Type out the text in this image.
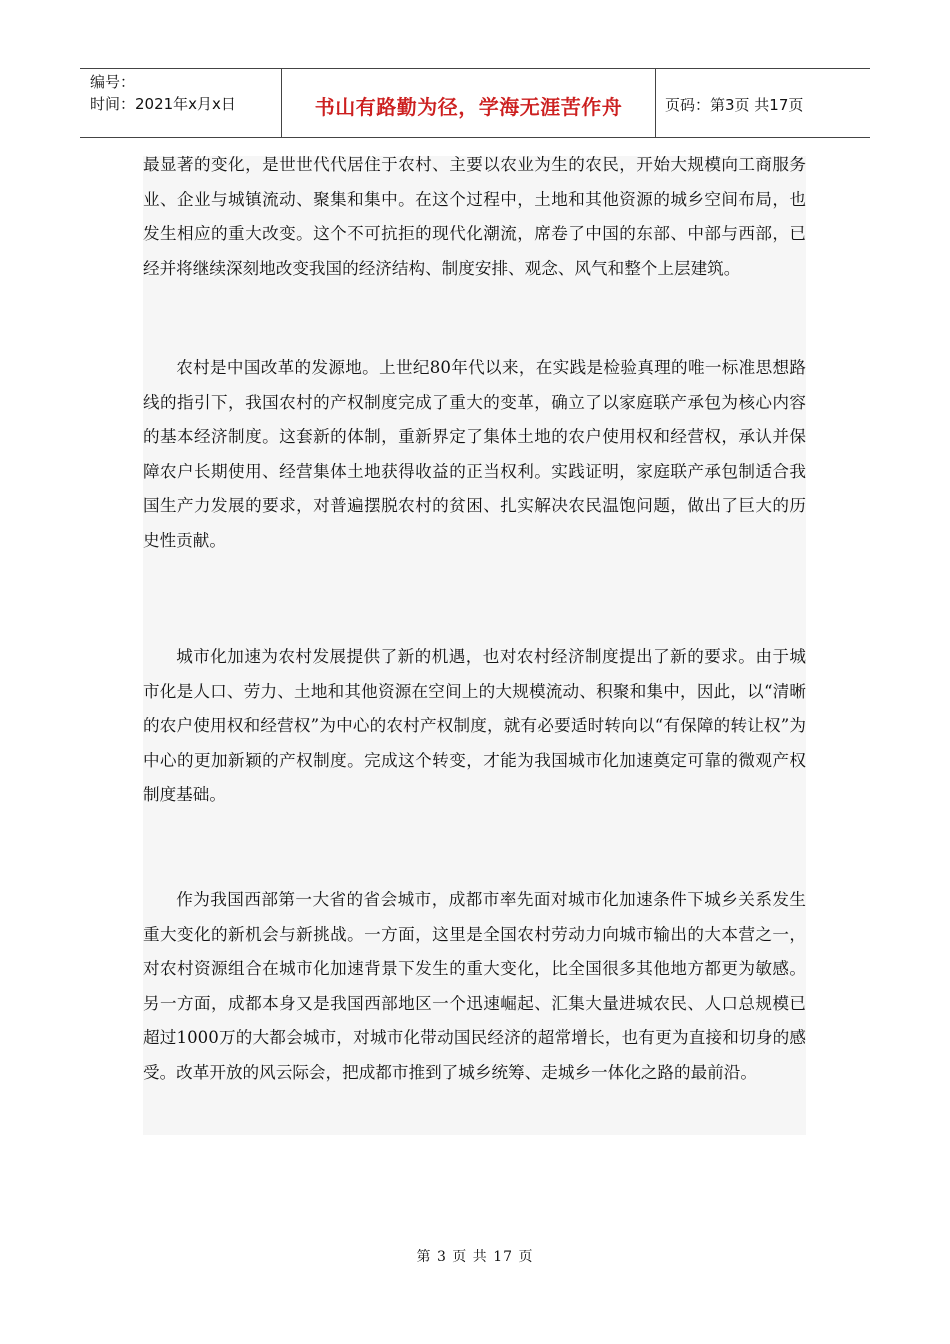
编号：
时间：2021年x月x日	书山有路勤为径，学海无涯苦作舟	页码：第3页 共17页

最显著的变化，是世世代代居住于农村、主要以农业为生的农民，开始大规模向工商服务业、企业与城镇流动、聚集和集中。在这个过程中，土地和其他资源的城乡空间布局，也发生相应的重大改变。这个不可抗拒的现代化潮流，席卷了中国的东部、中部与西部，已经并将继续深刻地改变我国的经济结构、制度安排、观念、风气和整个上层建筑。

农村是中国改革的发源地。上世纪80年代以来，在实践是检验真理的唯一标准思想路线的指引下，我国农村的产权制度完成了重大的变革，确立了以家庭联产承包为核心内容的基本经济制度。这套新的体制，重新界定了集体土地的农户使用权和经营权，承认并保障农户长期使用、经营集体土地获得收益的正当权利。实践证明，家庭联产承包制适合我国生产力发展的要求，对普遍摆脱农村的贫困、扎实解决农民温饱问题，做出了巨大的历史性贡献。

城市化加速为农村发展提供了新的机遇，也对农村经济制度提出了新的要求。由于城市化是人口、劳力、土地和其他资源在空间上的大规模流动、积聚和集中，因此，以“清晰的农户使用权和经营权”为中心的农村产权制度，就有必要适时转向以“有保障的转让权”为中心的更加新颖的产权制度。完成这个转变，才能为我国城市化加速奠定可靠的微观产权制度基础。

作为我国西部第一大省的省会城市，成都市率先面对城市化加速条件下城乡关系发生重大变化的新机会与新挑战。一方面，这里是全国农村劳动力向城市输出的大本营之一，对农村资源组合在城市化加速背景下发生的重大变化，比全国很多其他地方都更为敏感。另一方面，成都本身又是我国西部地区一个迅速崛起、汇集大量进城农民、人口总规模已超过1000万的大都会城市，对城市化带动国民经济的超常增长，也有更为直接和切身的感受。改革开放的风云际会，把成都市推到了城乡统筹、走城乡一体化之路的最前沿。

第 3 页 共 17 页
